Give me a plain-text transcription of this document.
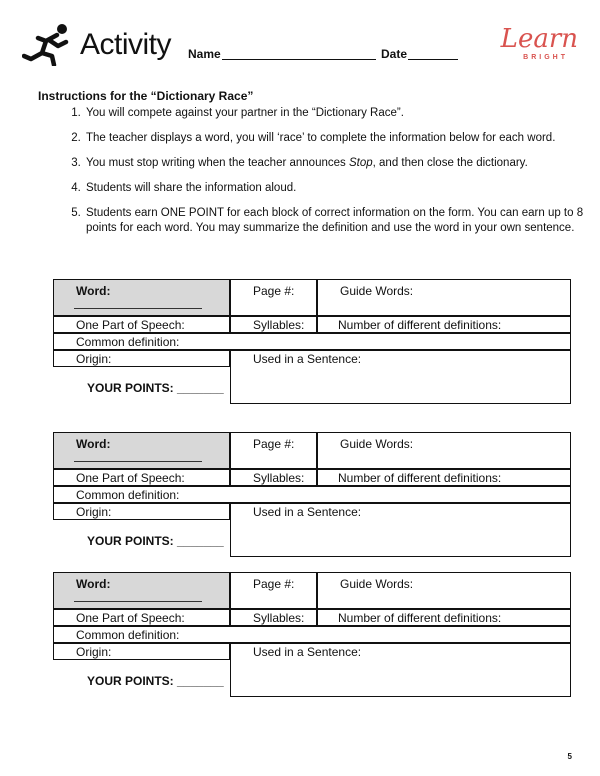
Activity Name	Date	Learn
BRIGHT
Instructions for the “Dictionary Race”
1. You will compete against your partner in the “Dictionary Race”.
2. The teacher displays a word, you will ‘race’ to complete the information below for each word.
3. You must stop writing when the teacher announces Stop, and then close the dictionary.
4. Students will share the information aloud.
5. Students earn ONE POINT for each block of correct information on the form. You can earn up to 8 points for each word. You may summarize the definition and use the word in your own sentence.
Word:	Page #:	Guide Words:
One Part of Speech:	Syllables:	Number of different definitions:
Common definition:
Origin:	Used in a Sentence:
YOUR POINTS: _______
Word:	Page #:	Guide Words:
One Part of Speech:	Syllables:	Number of different definitions:
Common definition:
Origin:	Used in a Sentence:
YOUR POINTS: _______
Word:	Page #:	Guide Words:
One Part of Speech:	Syllables:	Number of different definitions:
Common definition:
Origin:	Used in a Sentence:
YOUR POINTS: _______
5
